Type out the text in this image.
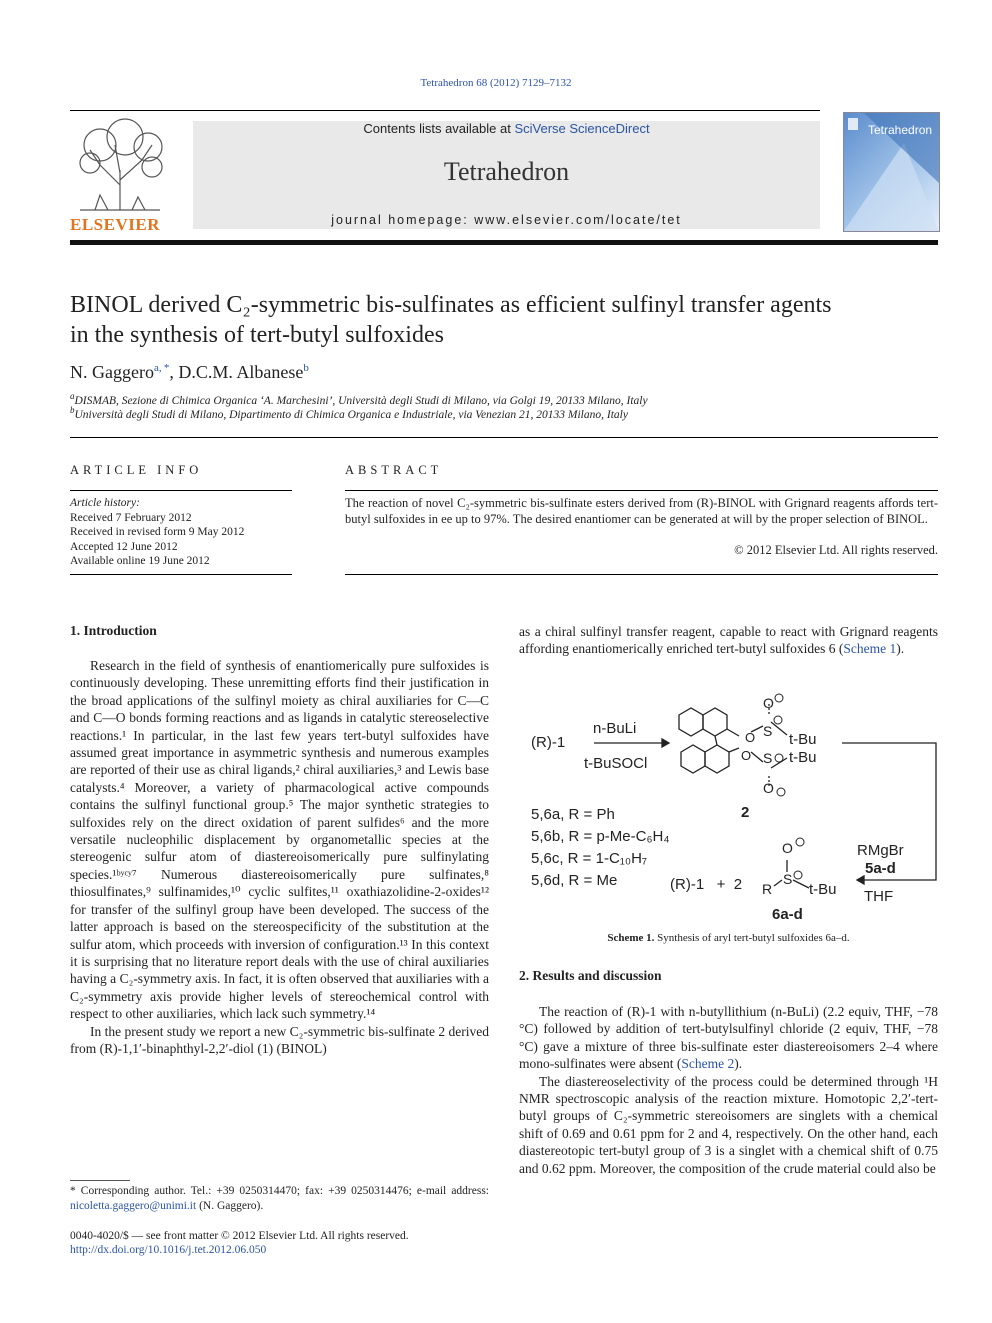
Tetrahedron 68 (2012) 7129–7132
ELSEVIER
Contents lists available at SciVerse ScienceDirect
Tetrahedron
journal homepage: www.elsevier.com/locate/tet
Tetrahedron
BINOL derived C₂-symmetric bis-sulfinates as efficient sulfinyl transfer agents
in the synthesis of tert-butyl sulfoxides
N. Gaggero$^{a, *}$, D.C.M. Albanese$^b$
$^a$DISMAB, Sezione di Chimica Organica ‘A. Marchesini’, Università degli Studi di Milano, via Golgi 19, 20133 Milano, Italy
$^b$Università degli Studi di Milano, Dipartimento di Chimica Organica e Industriale, via Venezian 21, 20133 Milano, Italy
ARTICLE INFO
Article history:
Received 7 February 2012
Received in revised form 9 May 2012
Accepted 12 June 2012
Available online 19 June 2012
ABSTRACT
The reaction of novel C₂-symmetric bis-sulfinate esters derived from (R)-BINOL with Grignard reagents affords tert-butyl sulfoxides in ee up to 97%. The desired enantiomer can be generated at will by the proper selection of BINOL.
© 2012 Elsevier Ltd. All rights reserved.
1. Introduction

Research in the field of synthesis of enantiomerically pure sulfoxides is continuously developing. These unremitting efforts find their justification in the broad applications of the sulfinyl moiety as chiral auxiliaries for C—C and C—O bonds forming reactions and as ligands in catalytic stereoselective reactions.¹ In particular, in the last few years tert-butyl sulfoxides have assumed great importance in asymmetric synthesis and numerous examples are reported of their use as chiral ligands,² chiral auxiliaries,³ and Lewis base catalysts.⁴ Moreover, a variety of pharmacological active compounds contains the sulfinyl functional group.⁵ The major synthetic strategies to sulfoxides rely on the direct oxidation of parent sulfides⁶ and the more versatile nucleophilic displacement by organometallic species at the stereogenic sulfur atom of diastereoisomerically pure sulfinylating species.¹ᵇʸᶜʸ⁷ Numerous diastereoisomerically pure sulfinates,⁸ thiosulfinates,⁹ sulfinamides,¹⁰ cyclic sulfites,¹¹ oxathiazolidine-2-oxides¹² for transfer of the sulfinyl group have been developed. The success of the latter approach is based on the stereospecificity of the substitution at the sulfur atom, which proceeds with inversion of configuration.¹³ In this context it is surprising that no literature report deals with the use of chiral auxiliaries having a C₂-symmetry axis. In fact, it is often observed that auxiliaries with a C₂-symmetry axis provide higher levels of stereochemical control with respect to other auxiliaries, which lack such symmetry.¹⁴

In the present study we report a new C₂-symmetric bis-sulfinate 2 derived from (R)-1,1′-binaphthyl-2,2′-diol (1) (BINOL)

* Corresponding author. Tel.: +39 0250314470; fax: +39 0250314476; e-mail address: nicoletta.gaggero@unimi.it (N. Gaggero).
0040-4020/$ — see front matter © 2012 Elsevier Ltd. All rights reserved.
http://dx.doi.org/10.1016/j.tet.2012.06.050
as a chiral sulfinyl transfer reagent, capable to react with Grignard reagents affording enantiomerically enriched tert-butyl sulfoxides 6 (Scheme 1).
(R)-1
n-BuLi
t-BuSOCl
O
S
S
O
O
O
t-Bu
t-Bu
2
5,6a, R = Ph
5,6b, R = p-Me-C₆H₄
5,6c, R = 1-C₁₀H₇
5,6d, R = Me
RMgBr
5a-d
THF
(R)-1   +  2
O
S
R t-Bu
6a-d
Scheme 1. Synthesis of aryl tert-butyl sulfoxides 6a–d.
2. Results and discussion

The reaction of (R)-1 with n-butyllithium (n-BuLi) (2.2 equiv, THF, −78 °C) followed by addition of tert-butylsulfinyl chloride (2 equiv, THF, −78 °C) gave a mixture of three bis-sulfinate ester diastereoisomers 2–4 where mono-sulfinates were absent (Scheme 2).

The diastereoselectivity of the process could be determined through ¹H NMR spectroscopic analysis of the reaction mixture. Homotopic 2,2′-tert-butyl groups of C₂-symmetric stereoisomers are singlets with a chemical shift of 0.69 and 0.61 ppm for 2 and 4, respectively. On the other hand, each diastereotopic tert-butyl group of 3 is a singlet with a chemical shift of 0.75 and 0.62 ppm. Moreover, the composition of the crude material could also be
